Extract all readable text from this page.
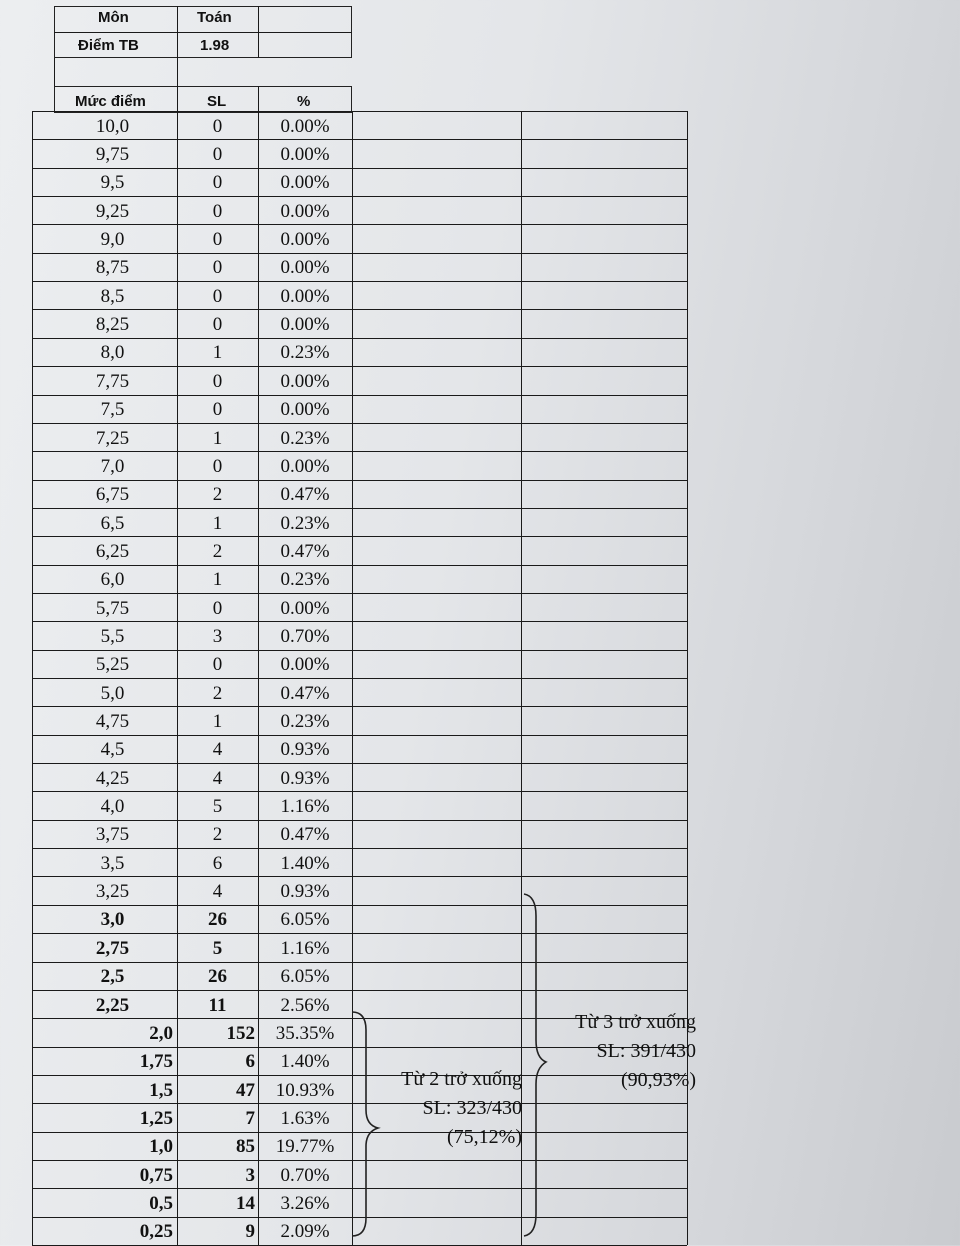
Môn	Toán
Điểm TB	1.98
Mức điểm	SL	%
10,0	0	0.00%
9,75	0	0.00%
9,5	0	0.00%
9,25	0	0.00%
9,0	0	0.00%
8,75	0	0.00%
8,5	0	0.00%
8,25	0	0.00%
8,0	1	0.23%
7,75	0	0.00%
7,5	0	0.00%
7,25	1	0.23%
7,0	0	0.00%
6,75	2	0.47%
6,5	1	0.23%
6,25	2	0.47%
6,0	1	0.23%
5,75	0	0.00%
5,5	3	0.70%
5,25	0	0.00%
5,0	2	0.47%
4,75	1	0.23%
4,5	4	0.93%
4,25	4	0.93%
4,0	5	1.16%
3,75	2	0.47%
3,5	6	1.40%
3,25	4	0.93%
3,0	26	6.05%
2,75	5	1.16%
2,5	26	6.05%
2,25	11	2.56%
2,0	152	35.35%
1,75	6	1.40%
1,5	47	10.93%
1,25	7	1.63%
1,0	85	19.77%
0,75	3	0.70%
0,5	14	3.26%
0,25	9	2.09%
Từ 2 trở xuống
SL: 323/430
(75,12%)
Từ 3 trở xuống
SL: 391/430
(90,93%)
